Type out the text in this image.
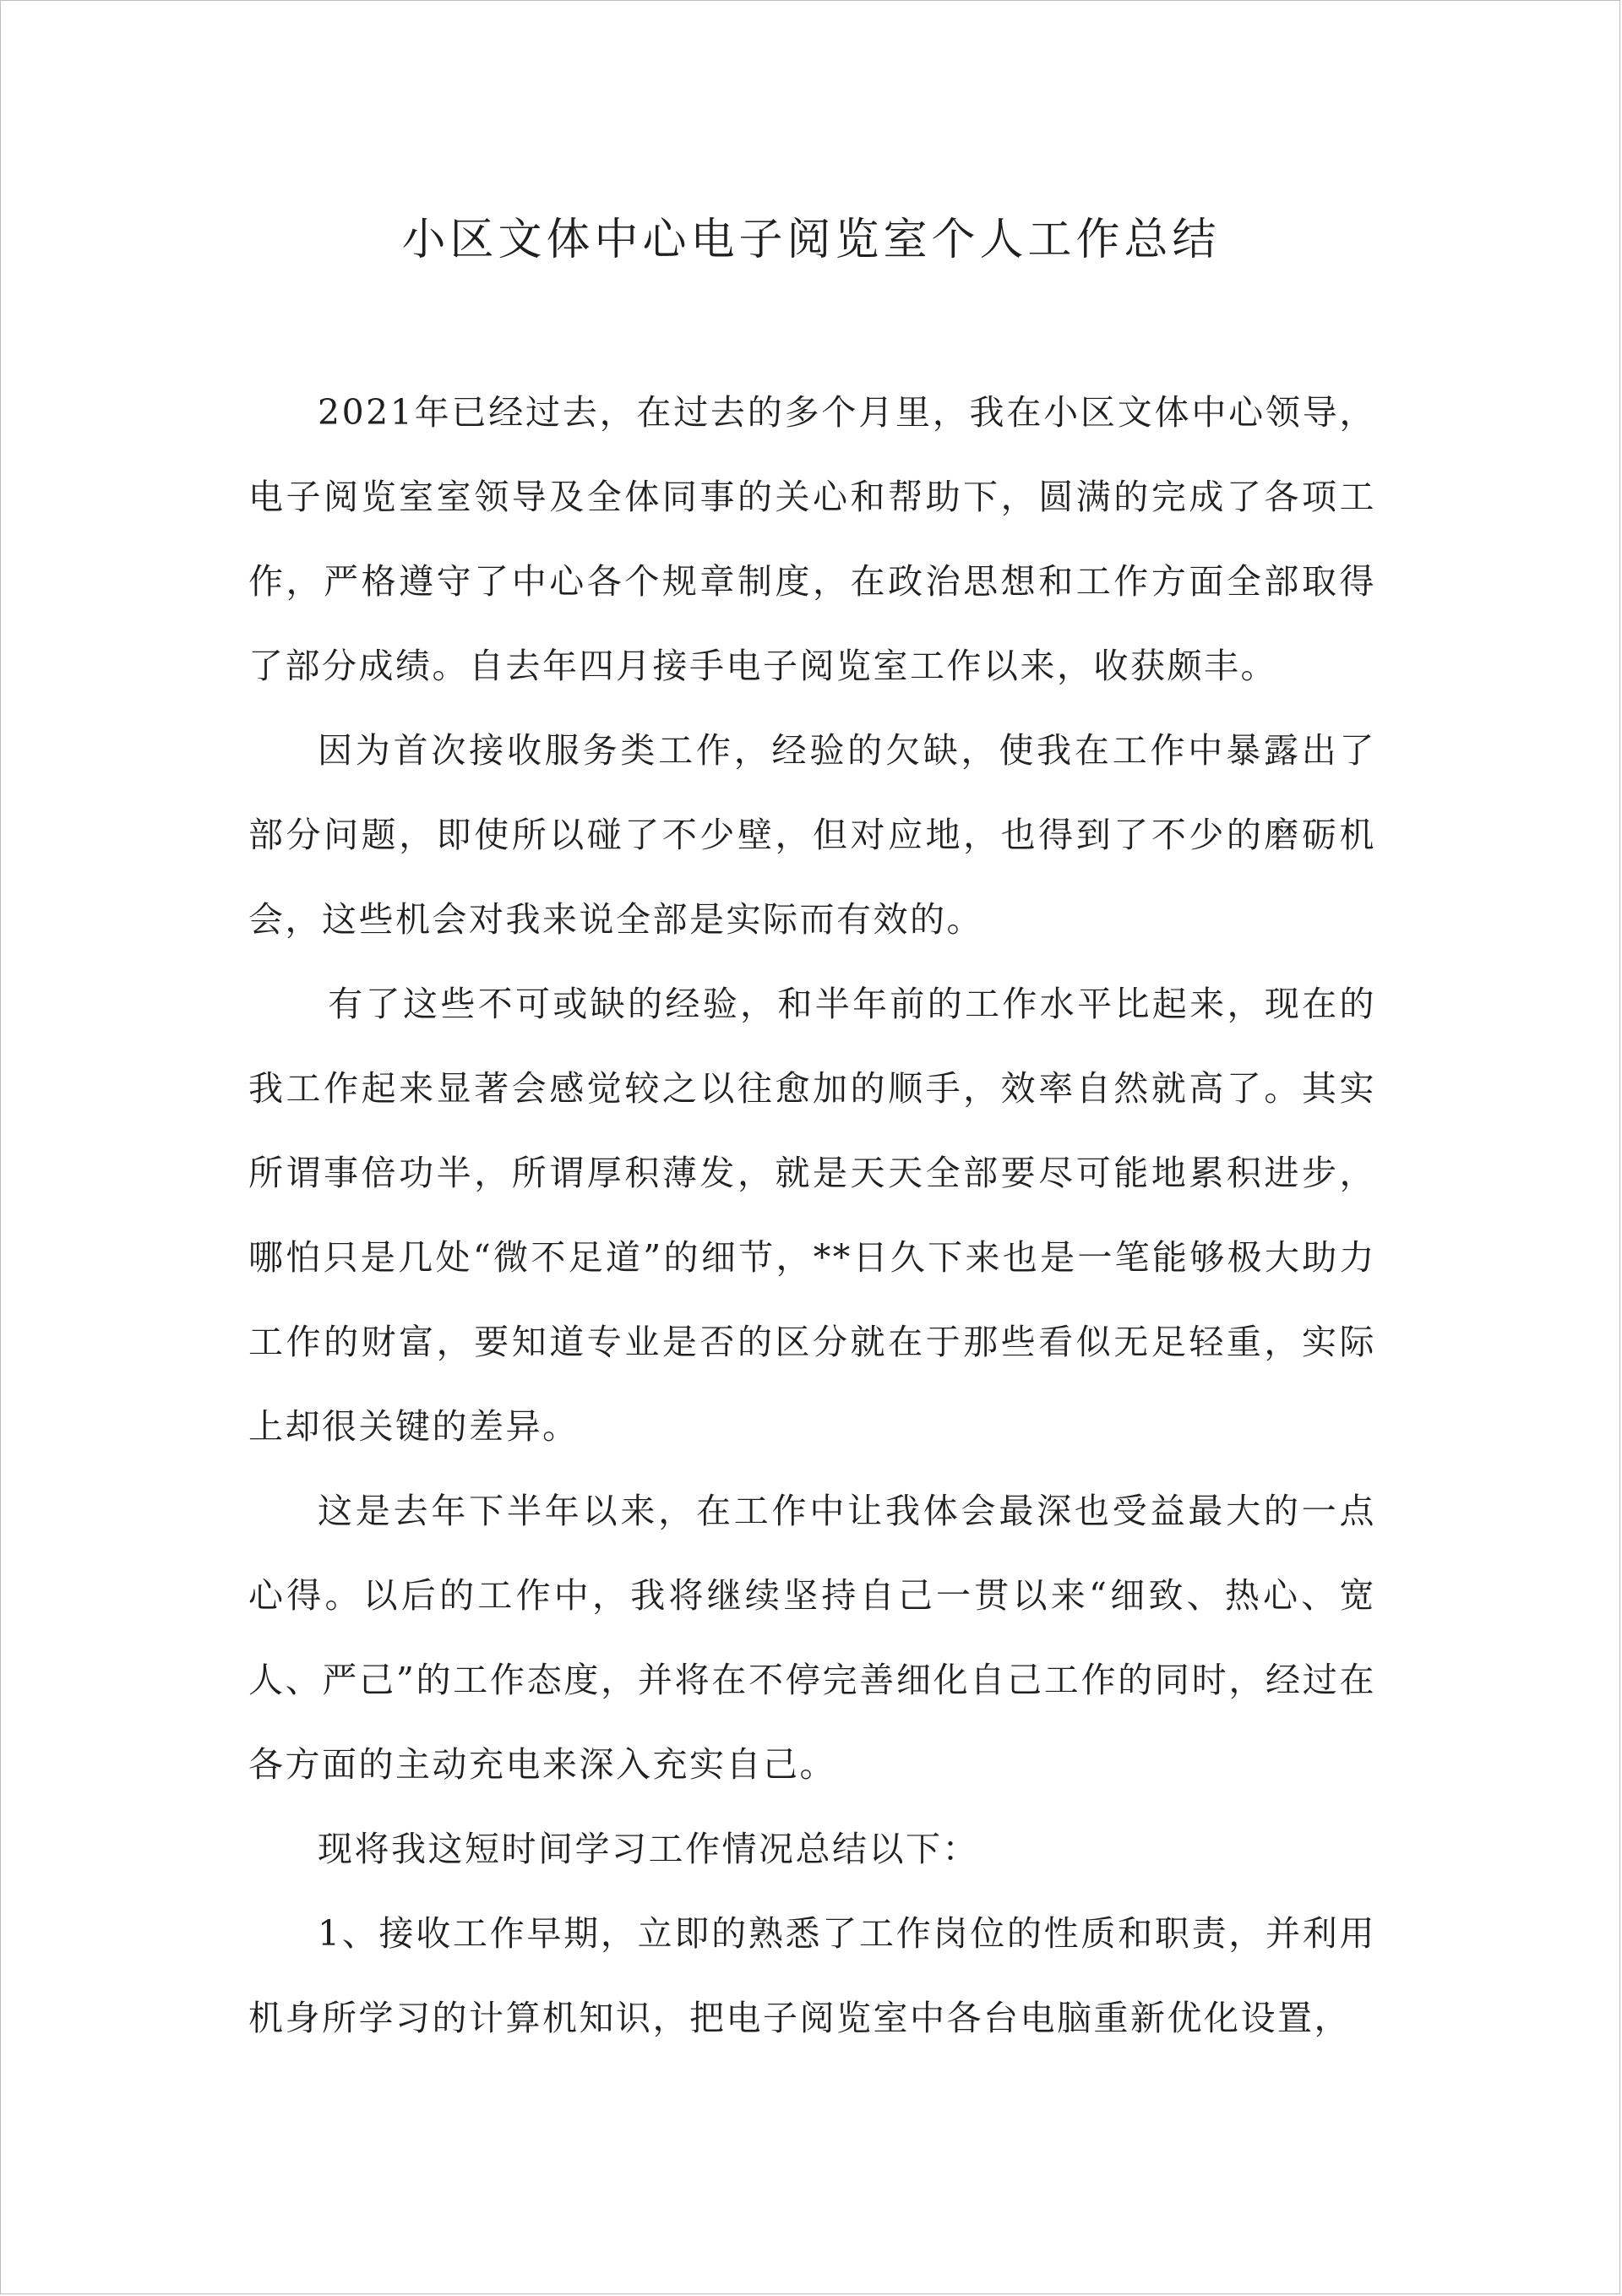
小区文体中心电子阅览室个人工作总结

2021年已经过去，在过去的多个月里，我在小区文体中心领导，电子阅览室室领导及全体同事的关心和帮助下，圆满的完成了各项工作，严格遵守了中心各个规章制度，在政治思想和工作方面全部取得了部分成绩。自去年四月接手电子阅览室工作以来，收获颇丰。

因为首次接收服务类工作，经验的欠缺，使我在工作中暴露出了部分问题，即使所以碰了不少壁，但对应地，也得到了不少的磨砺机会，这些机会对我来说全部是实际而有效的。

有了这些不可或缺的经验，和半年前的工作水平比起来，现在的我工作起来显著会感觉较之以往愈加的顺手，效率自然就高了。其实所谓事倍功半，所谓厚积薄发，就是天天全部要尽可能地累积进步，哪怕只是几处“微不足道”的细节，**日久下来也是一笔能够极大助力工作的财富，要知道专业是否的区分就在于那些看似无足轻重，实际上却很关键的差异。

这是去年下半年以来，在工作中让我体会最深也受益最大的一点心得。以后的工作中，我将继续坚持自己一贯以来“细致、热心、宽人、严己”的工作态度，并将在不停完善细化自己工作的同时，经过在各方面的主动充电来深入充实自己。

现将我这短时间学习工作情况总结以下：

1、接收工作早期，立即的熟悉了工作岗位的性质和职责，并利用机身所学习的计算机知识，把电子阅览室中各台电脑重新优化设置，
